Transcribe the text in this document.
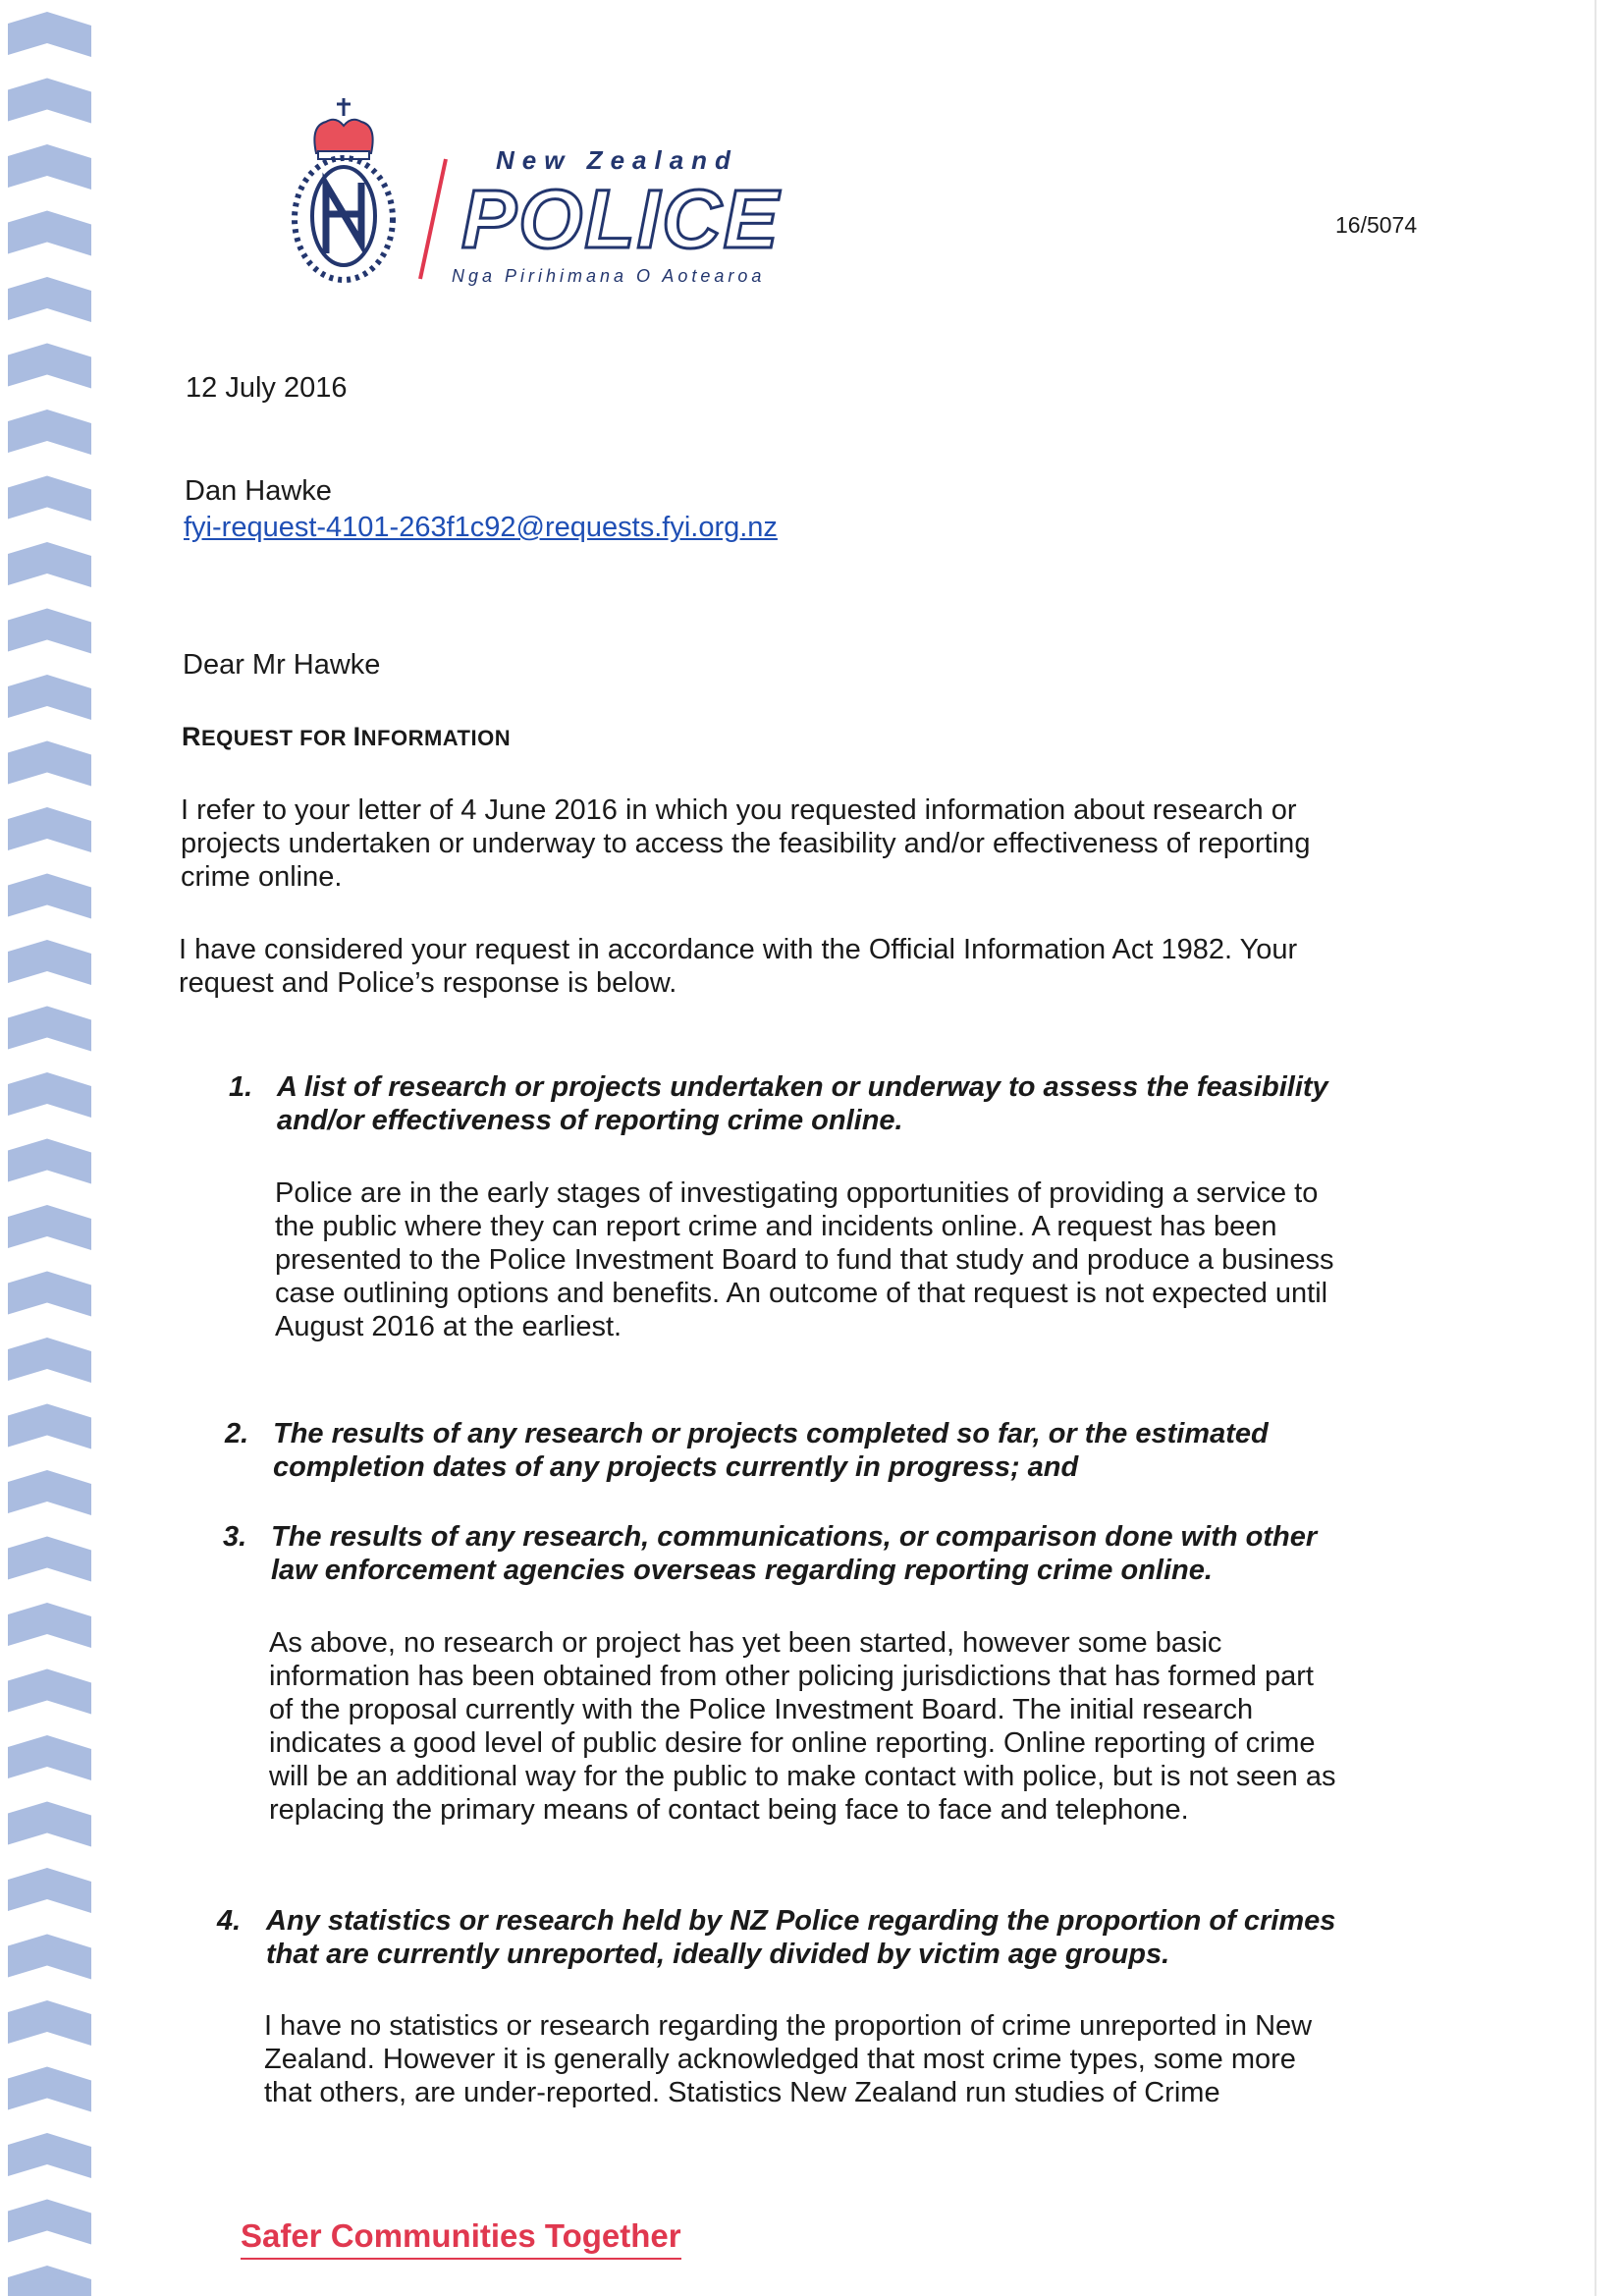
New Zealand
POLICE
Nga Pirihimana O Aotearoa
16/5074
12 July 2016
Dan Hawke
fyi-request-4101-263f1c92@requests.fyi.org.nz
Dear Mr Hawke
REQUEST FOR INFORMATION
I refer to your letter of 4 June 2016 in which you requested information about research or
projects undertaken or underway to access the feasibility and/or effectiveness of reporting
crime online.
I have considered your request in accordance with the Official Information Act 1982. Your
request and Police’s response is below.
1. A list of research or projects undertaken or underway to assess the feasibility
and/or effectiveness of reporting crime online.
Police are in the early stages of investigating opportunities of providing a service to
the public where they can report crime and incidents online. A request has been
presented to the Police Investment Board to fund that study and produce a business
case outlining options and benefits. An outcome of that request is not expected until
August 2016 at the earliest.
2. The results of any research or projects completed so far, or the estimated
completion dates of any projects currently in progress; and
3. The results of any research, communications, or comparison done with other
law enforcement agencies overseas regarding reporting crime online.
As above, no research or project has yet been started, however some basic
information has been obtained from other policing jurisdictions that has formed part
of the proposal currently with the Police Investment Board. The initial research
indicates a good level of public desire for online reporting. Online reporting of crime
will be an additional way for the public to make contact with police, but is not seen as
replacing the primary means of contact being face to face and telephone.
4. Any statistics or research held by NZ Police regarding the proportion of crimes
that are currently unreported, ideally divided by victim age groups.
I have no statistics or research regarding the proportion of crime unreported in New
Zealand. However it is generally acknowledged that most crime types, some more
that others, are under-reported. Statistics New Zealand run studies of Crime
Safer Communities Together
